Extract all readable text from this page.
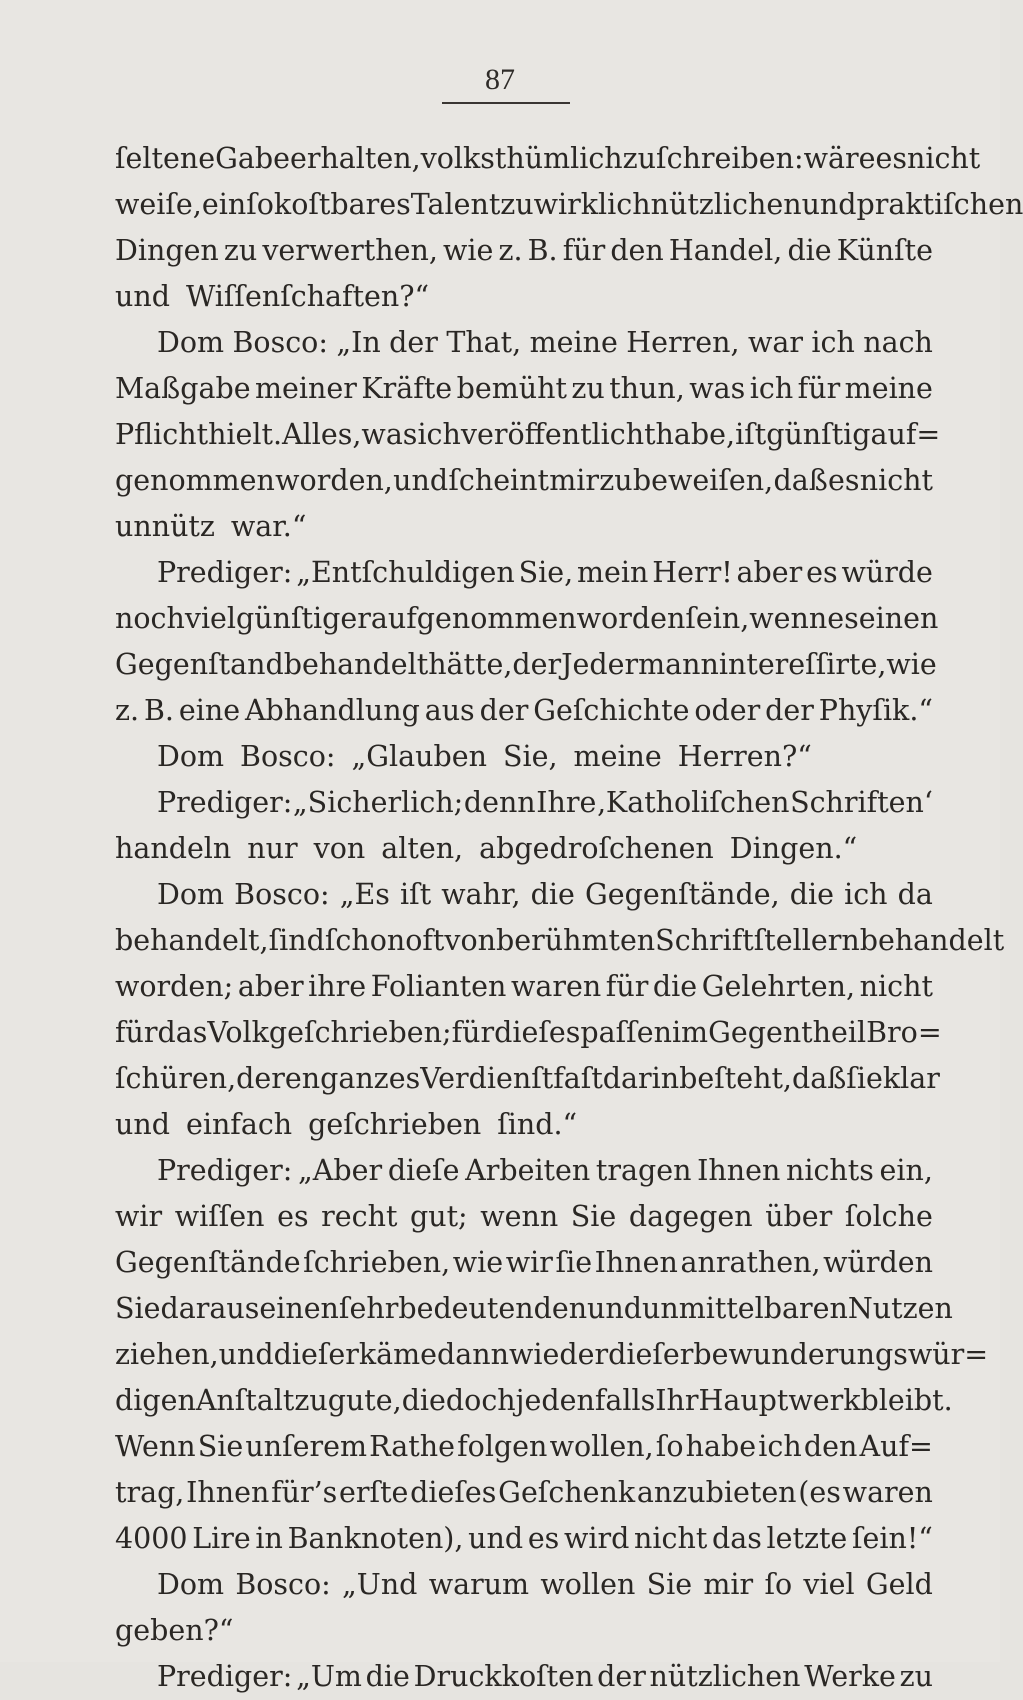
87
ſeltene Gabe erhalten, volksthümlich zu ſchreiben: wäre es nicht
weiſe, ein ſo koſtbares Talent zu wirklich nützlichen und praktiſchen
Dingen zu verwerthen, wie z. B. für den Handel, die Künſte
und Wiſſenſchaften?“
Dom Bosco: „In der That, meine Herren, war ich nach
Maßgabe meiner Kräfte bemüht zu thun, was ich für meine
Pflicht hielt. Alles, was ich veröffentlicht habe, iſt günſtig auf=
genommen worden, und ſcheint mir zu beweiſen, daß es nicht
unnütz war.“
Prediger: „Entſchuldigen Sie, mein Herr! aber es würde
noch viel günſtiger aufgenommen worden ſein, wenn es einen
Gegenſtand behandelt hätte, der Jedermann intereſſirte, wie
z. B. eine Abhandlung aus der Geſchichte oder der Phyſik.“
Dom Bosco: „Glauben Sie, meine Herren?“
Prediger: „Sicherlich; denn Ihre ‚Katholiſchen Schriften‘
handeln nur von alten, abgedroſchenen Dingen.“
Dom Bosco: „Es iſt wahr, die Gegenſtände, die ich da
behandelt, ſind ſchon oft von berühmten Schriftſtellern behandelt
worden; aber ihre Folianten waren für die Gelehrten, nicht
für das Volk geſchrieben; für dieſes paſſen im Gegentheil Bro=
ſchüren, deren ganzes Verdienſt faſt darin beſteht, daß ſie klar
und einfach geſchrieben ſind.“
Prediger: „Aber dieſe Arbeiten tragen Ihnen nichts ein,
wir wiſſen es recht gut; wenn Sie dagegen über ſolche
Gegenſtände ſchrieben, wie wir ſie Ihnen anrathen, würden
Sie daraus einen ſehr bedeutenden und unmittelbaren Nutzen
ziehen, und dieſer käme dann wieder dieſer bewunderungswür=
digen Anſtalt zu gute, die doch jedenfalls Ihr Hauptwerk bleibt.
Wenn Sie unſerem Rathe folgen wollen, ſo habe ich den Auf=
trag, Ihnen für’s erſte dieſes Geſchenk anzubieten (es waren
4000 Lire in Banknoten), und es wird nicht das letzte ſein!“
Dom Bosco: „Und warum wollen Sie mir ſo viel Geld
geben?“
Prediger: „Um die Druckkoſten der nützlichen Werke zu
